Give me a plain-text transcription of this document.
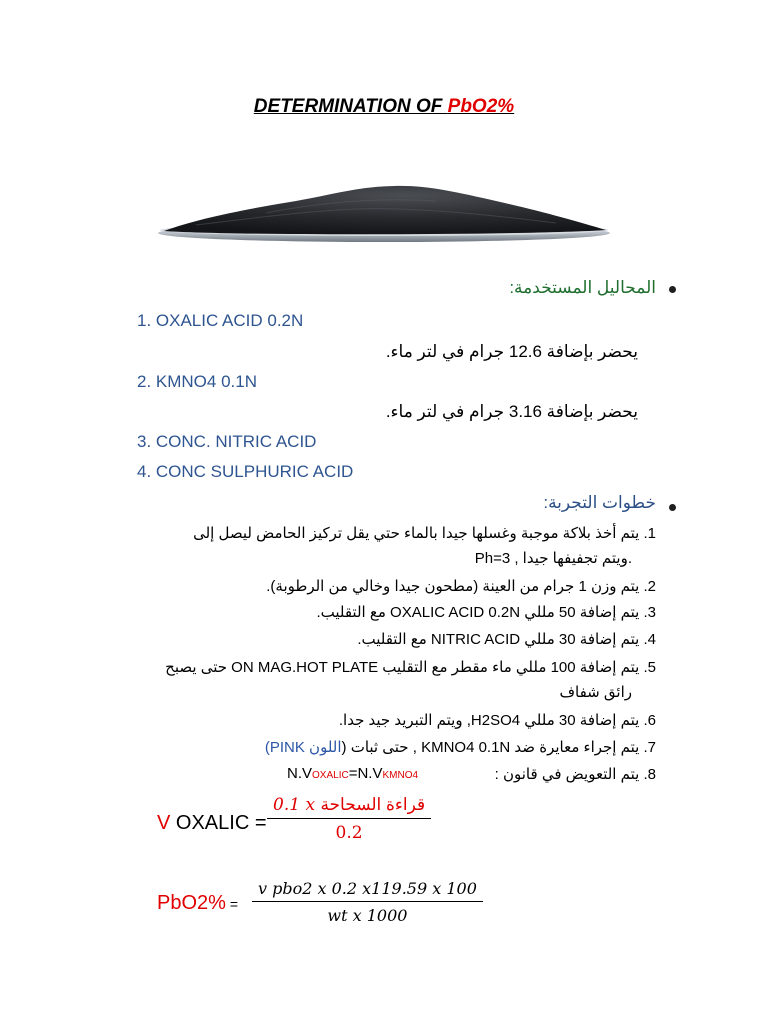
DETERMINATION OF PbO2%
المحاليل المستخدمة:
1. OXALIC ACID 0.2N
يحضر بإضافة 12.6 جرام في لتر ماء.
2. KMNO4 0.1N
يحضر بإضافة 3.16 جرام في لتر ماء.
3. CONC. NITRIC ACID
4. CONC SULPHURIC ACID
خطوات التجربة:
1. يتم أخذ بلاكة موجبة وغسلها جيدا بالماء حتي يقل تركيز الحامض ليصل إلى
Ph=3 , ويتم تجفيفها جيدا.
2. يتم وزن 1 جرام من العينة (مطحون جيدا وخالي من الرطوبة).
3. يتم إضافة 50 مللي OXALIC ACID 0.2N مع التقليب.
4. يتم إضافة 30 مللي NITRIC ACID مع التقليب.
5. يتم إضافة 100 مللي ماء مقطر مع التقليب ON MAG.HOT PLATE حتى يصبح
رائق شفاف
6. يتم إضافة 30 مللي H2SO4, ويتم التبريد جيد جدا.
7. يتم إجراء معايرة ضد KMNO4 0.1N , حتى ثبات (اللون PINK)
N.VOXALIC=N.VKMNO4	8. يتم التعويض في قانون :
V OXALIC =
0.1 x قراءة السحاحة
0.2
PbO2% =
v pbo2 x 0.2 x119.59 x 100
wt x 1000
